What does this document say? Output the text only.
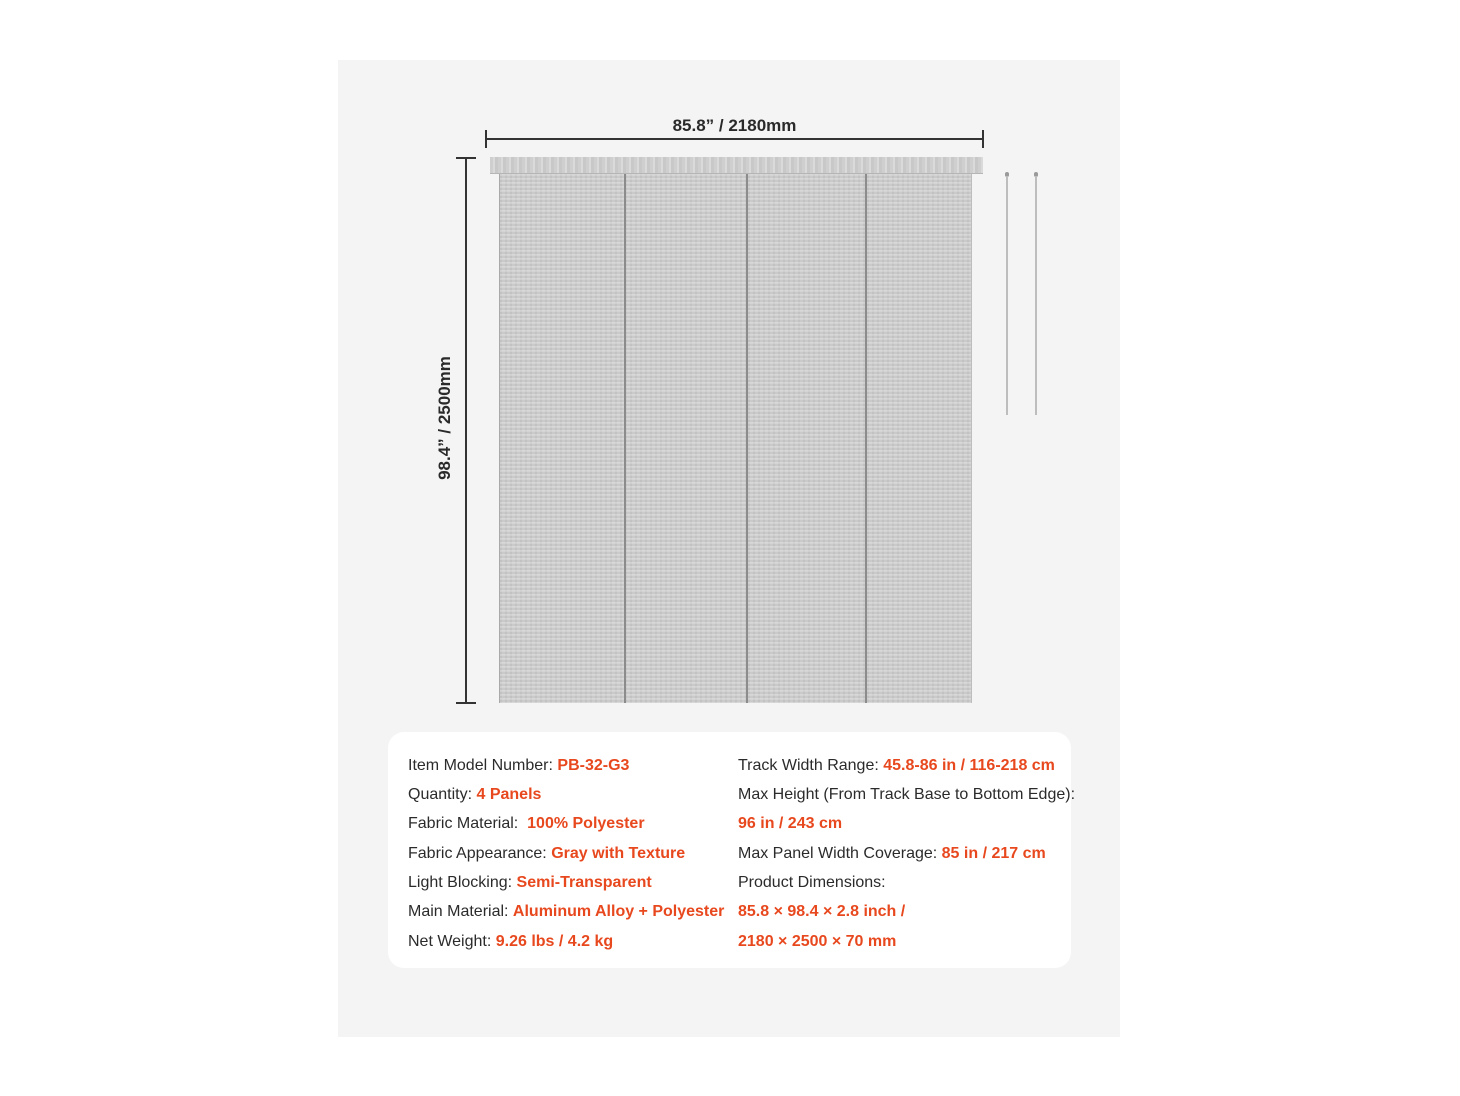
85.8” / 2180mm
98.4” / 2500mm
Item Model Number: PB-32-G3
Quantity: 4 Panels
Fabric Material:  100% Polyester
Fabric Appearance: Gray with Texture
Light Blocking: Semi-Transparent
Main Material: Aluminum Alloy + Polyester
Net Weight: 9.26 lbs / 4.2 kg
Track Width Range: 45.8-86 in / 116-218 cm
Max Height (From Track Base to Bottom Edge):
96 in / 243 cm
Max Panel Width Coverage: 85 in / 217 cm
Product Dimensions:
85.8 × 98.4 × 2.8 inch /
2180 × 2500 × 70 mm
